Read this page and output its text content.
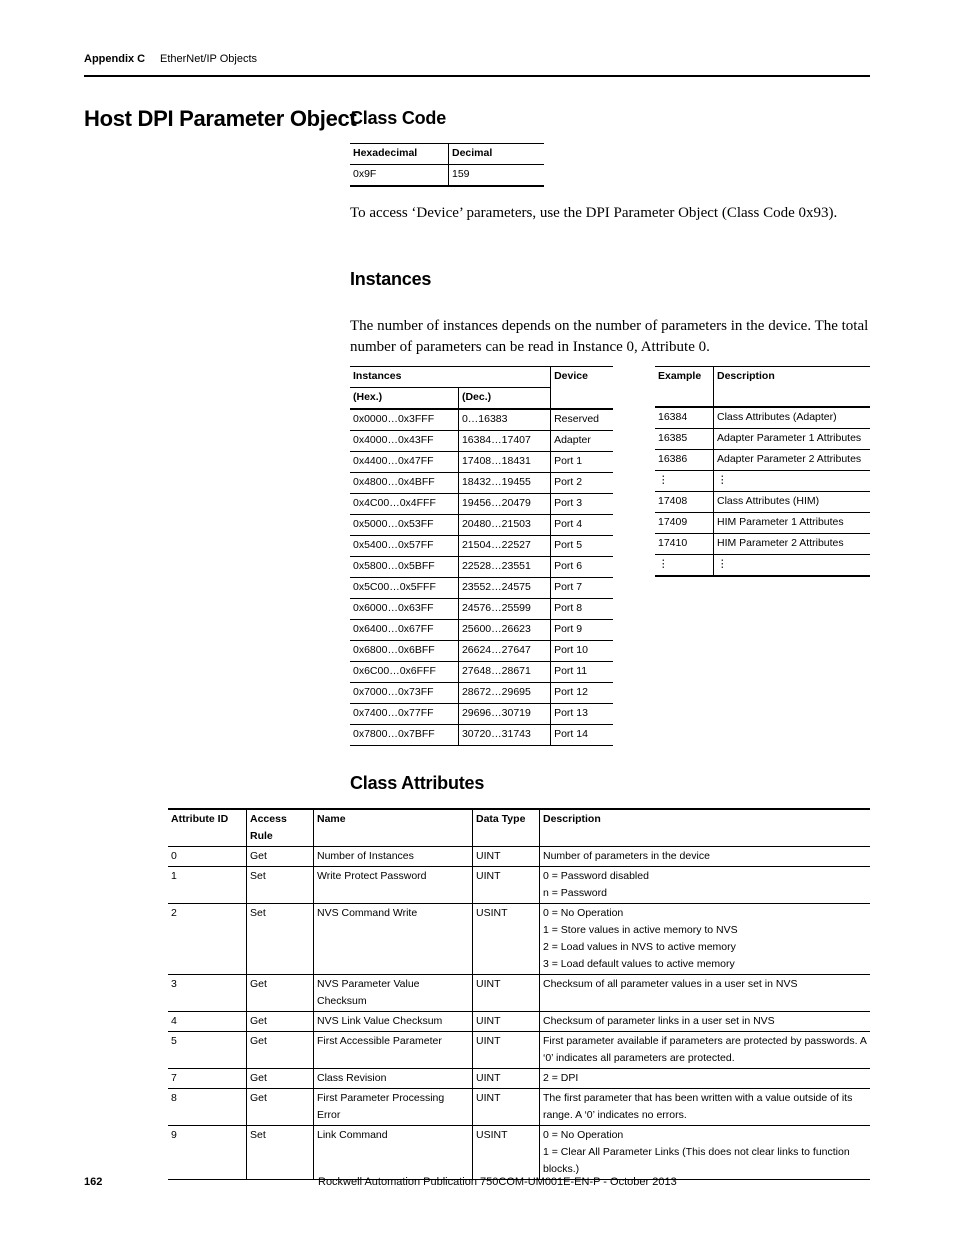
Appendix C EtherNet/IP Objects
Host DPI Parameter Object
Class Code
Hexadecimal	Decimal
0x9F	159
To access ‘Device’ parameters, use the DPI Parameter Object (Class Code 0x93).
Instances
The number of instances depends on the number of parameters in the device. The total number of parameters can be read in Instance 0, Attribute 0.
Instances		Device
(Hex.)	(Dec.)	
0x0000…0x3FFF	0…16383	Reserved
0x4000…0x43FF	16384…17407	Adapter
0x4400…0x47FF	17408…18431	Port 1
0x4800…0x4BFF	18432…19455	Port 2
0x4C00…0x4FFF	19456…20479	Port 3
0x5000…0x53FF	20480…21503	Port 4
0x5400…0x57FF	21504…22527	Port 5
0x5800…0x5BFF	22528…23551	Port 6
0x5C00…0x5FFF	23552…24575	Port 7
0x6000…0x63FF	24576…25599	Port 8
0x6400…0x67FF	25600…26623	Port 9
0x6800…0x6BFF	26624…27647	Port 10
0x6C00…0x6FFF	27648…28671	Port 11
0x7000…0x73FF	28672…29695	Port 12
0x7400…0x77FF	29696…30719	Port 13
0x7800…0x7BFF	30720…31743	Port 14
Example	Description
16384	Class Attributes (Adapter)
16385	Adapter Parameter 1 Attributes
16386	Adapter Parameter 2 Attributes
⋮	⋮
17408	Class Attributes (HIM)
17409	HIM Parameter 1 Attributes
17410	HIM Parameter 2 Attributes
⋮	⋮
Class Attributes
Attribute ID	Access Rule	Name	Data Type	Description
0	Get	Number of Instances	UINT	Number of parameters in the device

1	Set	Write Protect Password	UINT	0 = Password disabled
n = Password

2	Set	NVS Command Write	USINT	0 = No Operation
1 = Store values in active memory to NVS
2 = Load values in NVS to active memory
3 = Load default values to active memory

3	Get	NVS Parameter Value Checksum	UINT	Checksum of all parameter values in a user set in NVS

4	Get	NVS Link Value Checksum	UINT	Checksum of parameter links in a user set in NVS

5	Get	First Accessible Parameter	UINT	First parameter available if parameters are protected by passwords. A ‘0’ indicates all parameters are protected.

7	Get	Class Revision	UINT	2 = DPI

8	Get	First Parameter Processing Error	UINT	The first parameter that has been written with a value outside of its range. A ‘0’ indicates no errors.

9	Set	Link Command	USINT	0 = No Operation
1 = Clear All Parameter Links (This does not clear links to function blocks.)
162	Rockwell Automation Publication 750COM-UM001E-EN-P - October 2013
